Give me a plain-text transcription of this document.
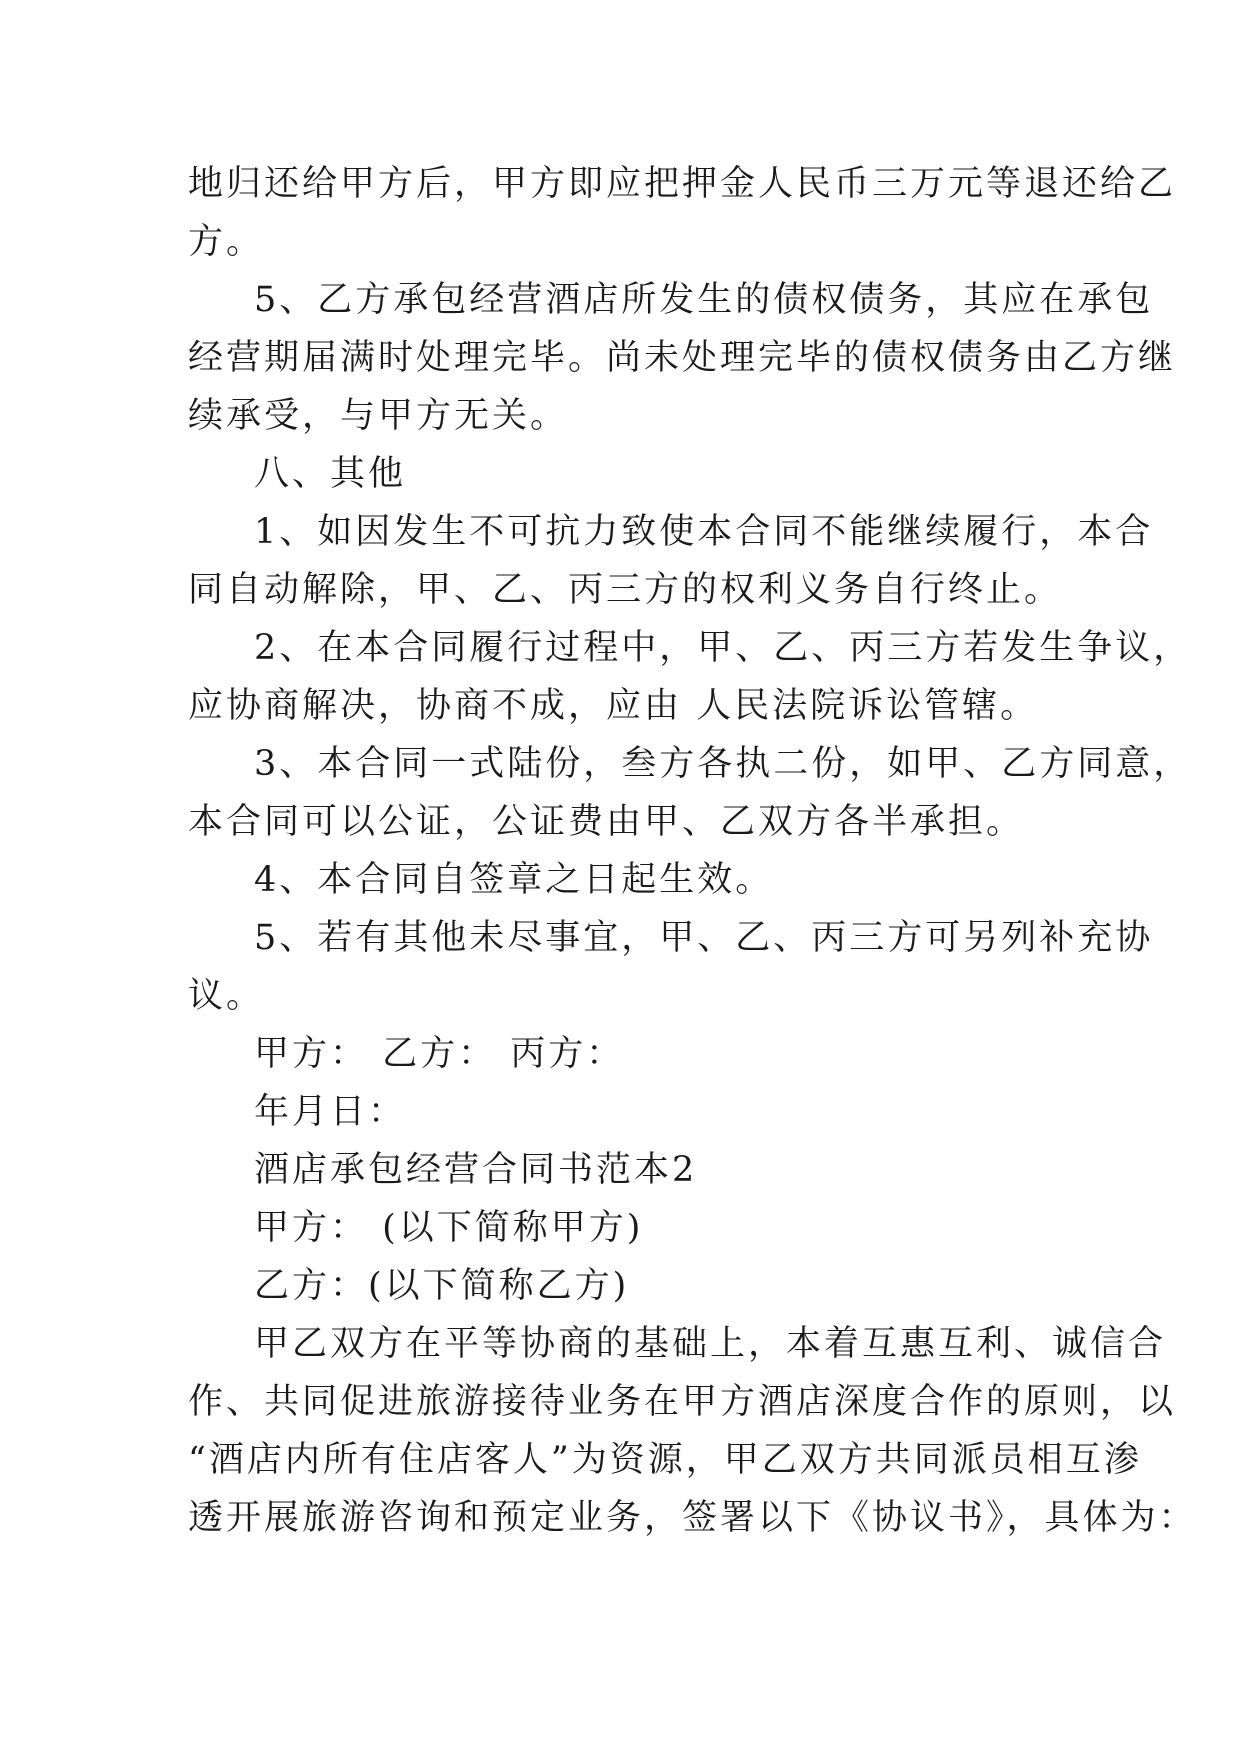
地归还给甲方后，甲方即应把押金人民币三万元等退还给乙
方。
5、乙方承包经营酒店所发生的债权债务，其应在承包
经营期届满时处理完毕。尚未处理完毕的债权债务由乙方继
续承受，与甲方无关。
八、其他
1、如因发生不可抗力致使本合同不能继续履行，本合
同自动解除，甲、乙、丙三方的权利义务自行终止。
2、在本合同履行过程中，甲、乙、丙三方若发生争议，
应协商解决，协商不成，应由 人民法院诉讼管辖。
3、本合同一式陆份，叁方各执二份，如甲、乙方同意，
本合同可以公证，公证费由甲、乙双方各半承担。
4、本合同自签章之日起生效。
5、若有其他未尽事宜，甲、乙、丙三方可另列补充协
议。
甲方： 乙方： 丙方：
年月日：
酒店承包经营合同书范本2
甲方： (以下简称甲方)
乙方：(以下简称乙方)
甲乙双方在平等协商的基础上，本着互惠互利、诚信合
作、共同促进旅游接待业务在甲方酒店深度合作的原则，以
“酒店内所有住店客人”为资源，甲乙双方共同派员相互渗
透开展旅游咨询和预定业务，签署以下《协议书》，具体为：
